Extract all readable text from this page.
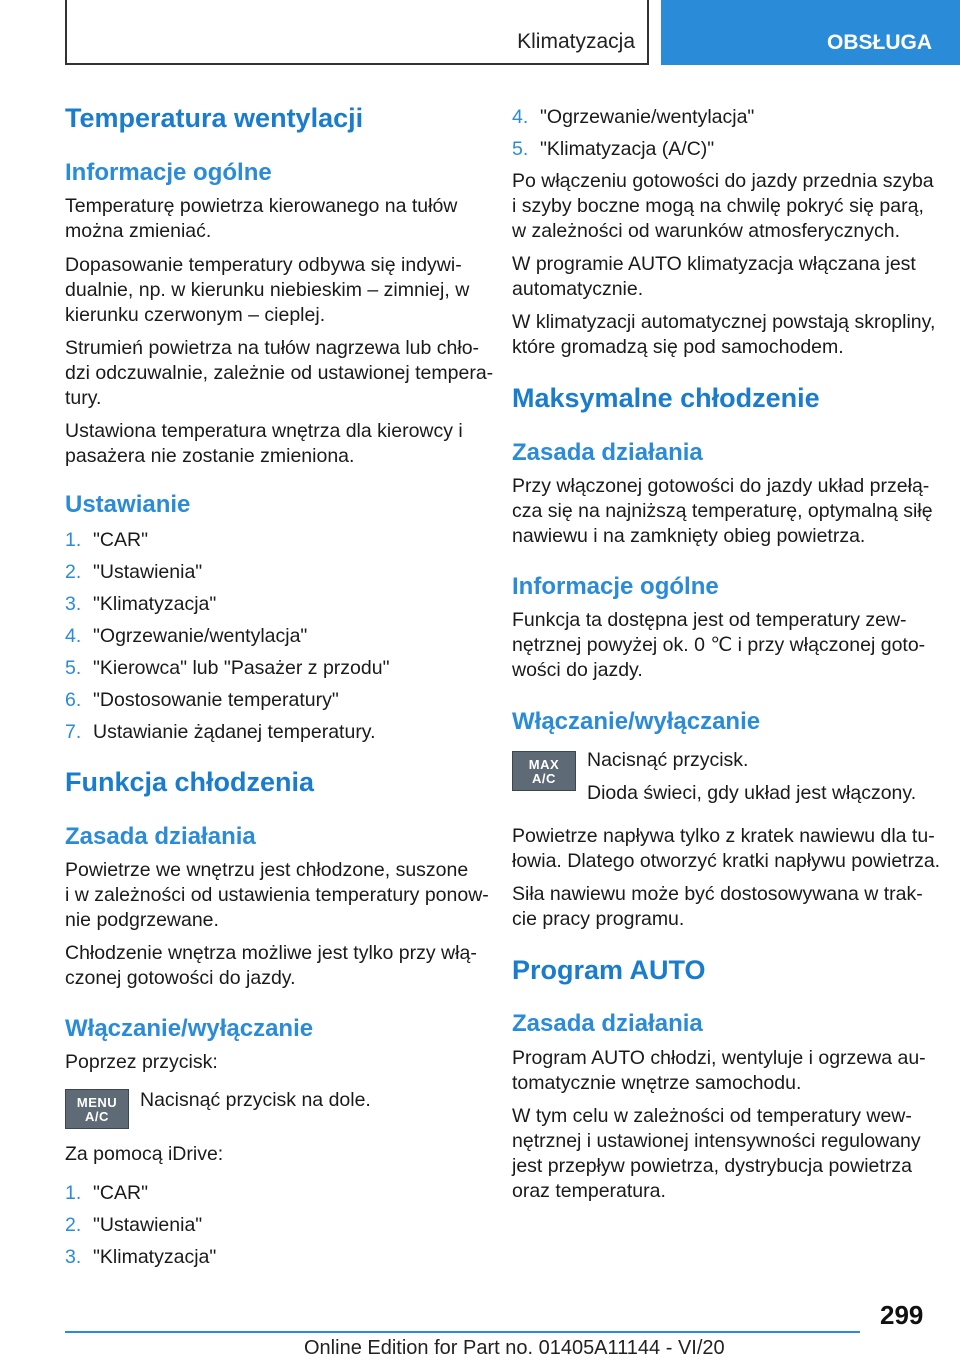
Klimatyzacja	OBSŁUGA
Temperatura wentylacji
Informacje ogólne
Temperaturę powietrza kierowanego na tułów
można zmieniać.
Dopasowanie temperatury odbywa się indywi-
dualnie, np. w kierunku niebieskim – zimniej, w
kierunku czerwonym – cieplej.
Strumień powietrza na tułów nagrzewa lub chło-
dzi odczuwalnie, zależnie od ustawionej tempera-
tury.
Ustawiona temperatura wnętrza dla kierowcy i
pasażera nie zostanie zmieniona.
Ustawianie
1. "CAR"
2. "Ustawienia"
3. "Klimatyzacja"
4. "Ogrzewanie/wentylacja"
5. "Kierowca" lub "Pasażer z przodu"
6. "Dostosowanie temperatury"
7. Ustawianie żądanej temperatury.
Funkcja chłodzenia
Zasada działania
Powietrze we wnętrzu jest chłodzone, suszone
i w zależności od ustawienia temperatury ponow-
nie podgrzewane.
Chłodzenie wnętrza możliwe jest tylko przy włą-
czonej gotowości do jazdy.
Włączanie/wyłączanie
Poprzez przycisk:
MENU
A/C
Nacisnąć przycisk na dole.
Za pomocą iDrive:
1. "CAR"
2. "Ustawienia"
3. "Klimatyzacja"
4. "Ogrzewanie/wentylacja"
5. "Klimatyzacja (A/C)"
Po włączeniu gotowości do jazdy przednia szyba
i szyby boczne mogą na chwilę pokryć się parą,
w zależności od warunków atmosferycznych.
W programie AUTO klimatyzacja włączana jest
automatycznie.
W klimatyzacji automatycznej powstają skropliny,
które gromadzą się pod samochodem.
Maksymalne chłodzenie
Zasada działania
Przy włączonej gotowości do jazdy układ przełą-
cza się na najniższą temperaturę, optymalną siłę
nawiewu i na zamknięty obieg powietrza.
Informacje ogólne
Funkcja ta dostępna jest od temperatury zew-
nętrznej powyżej ok. 0 ℃ i przy włączonej goto-
wości do jazdy.
Włączanie/wyłączanie
MAX
A/C
Nacisnąć przycisk.
Dioda świeci, gdy układ jest włączony.
Powietrze napływa tylko z kratek nawiewu dla tu-
łowia. Dlatego otworzyć kratki napływu powietrza.
Siła nawiewu może być dostosowywana w trak-
cie pracy programu.
Program AUTO
Zasada działania
Program AUTO chłodzi, wentyluje i ogrzewa au-
tomatycznie wnętrze samochodu.
W tym celu w zależności od temperatury wew-
nętrznej i ustawionej intensywności regulowany
jest przepływ powietrza, dystrybucja powietrza
oraz temperatura.
299
Online Edition for Part no. 01405A11144 - VI/20
